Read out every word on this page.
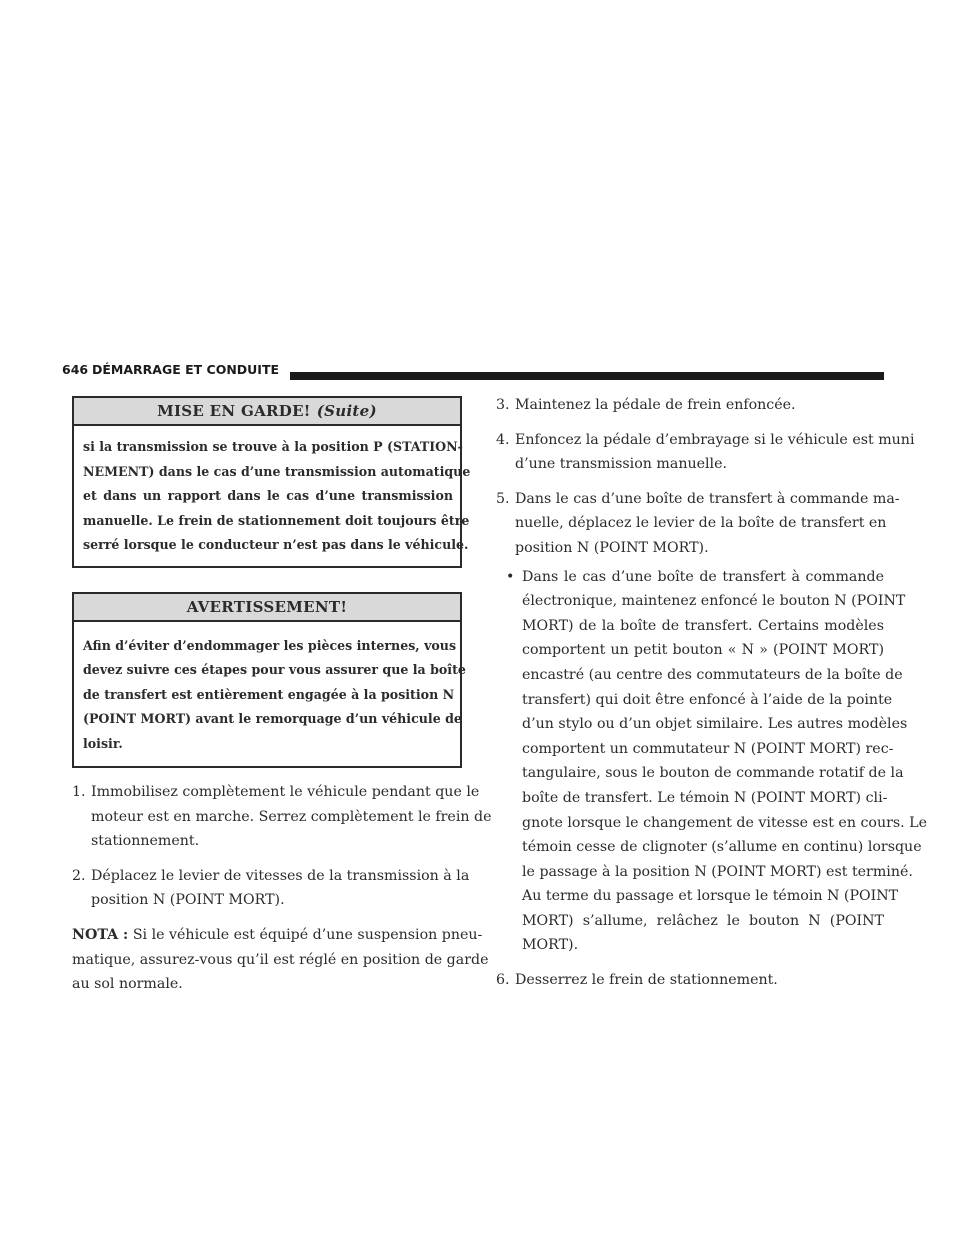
646 DÉMARRAGE ET CONDUITE
MISE EN GARDE! (Suite)
si la transmission se trouve à la position P (STATION-
NEMENT) dans le cas d’une transmission automatique
et dans un rapport dans le cas d’une transmission
manuelle. Le frein de stationnement doit toujours être
serré lorsque le conducteur n’est pas dans le véhicule.
AVERTISSEMENT!
Afin d’éviter d’endommager les pièces internes, vous
devez suivre ces étapes pour vous assurer que la boîte
de transfert est entièrement engagée à la position N
(POINT MORT) avant le remorquage d’un véhicule de
loisir.
1. Immobilisez complètement le véhicule pendant que le
moteur est en marche. Serrez complètement le frein de
stationnement.
2. Déplacez le levier de vitesses de la transmission à la
position N (POINT MORT).
NOTA : Si le véhicule est équipé d’une suspension pneu-
matique, assurez-vous qu’il est réglé en position de garde
au sol normale.
3. Maintenez la pédale de frein enfoncée.
4. Enfoncez la pédale d’embrayage si le véhicule est muni
d’une transmission manuelle.
5. Dans le cas d’une boîte de transfert à commande ma-
nuelle, déplacez le levier de la boîte de transfert en
position N (POINT MORT).
• Dans le cas d’une boîte de transfert à commande
électronique, maintenez enfoncé le bouton N (POINT
MORT) de la boîte de transfert. Certains modèles
comportent un petit bouton « N » (POINT MORT)
encastré (au centre des commutateurs de la boîte de
transfert) qui doit être enfoncé à l’aide de la pointe
d’un stylo ou d’un objet similaire. Les autres modèles
comportent un commutateur N (POINT MORT) rec-
tangulaire, sous le bouton de commande rotatif de la
boîte de transfert. Le témoin N (POINT MORT) cli-
gnote lorsque le changement de vitesse est en cours. Le
témoin cesse de clignoter (s’allume en continu) lorsque
le passage à la position N (POINT MORT) est terminé.
Au terme du passage et lorsque le témoin N (POINT
MORT) s’allume, relâchez le bouton N (POINT
MORT).
6. Desserrez le frein de stationnement.
